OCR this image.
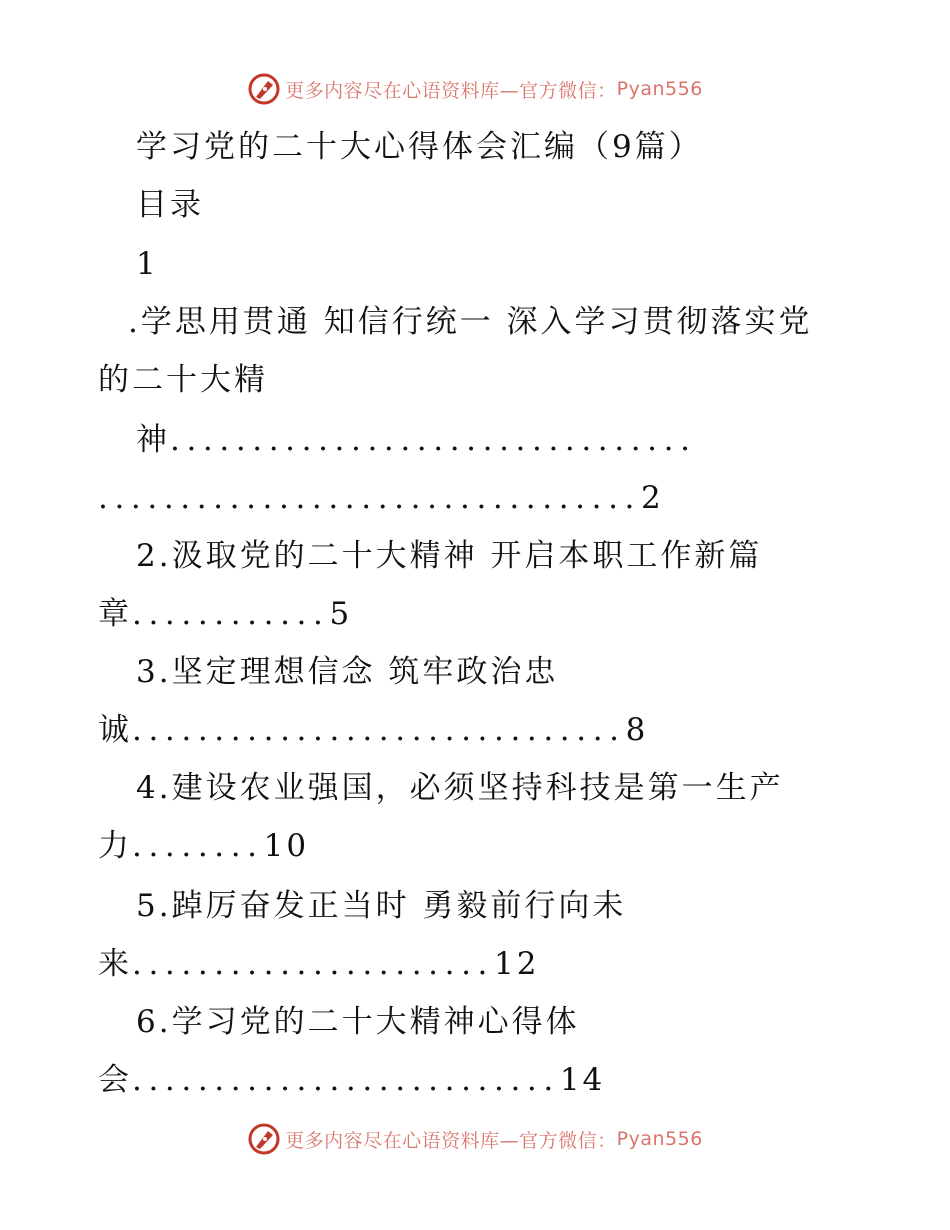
更多内容尽在心语资料库—官方微信： Pyan556
学习党的二十大心得体会汇编（9篇）
目录
1
.学思用贯通 知信行统一 深入学习贯彻落实党
的二十大精
神................................
.................................2
2.汲取党的二十大精神 开启本职工作新篇
章............5
3.坚定理想信念 筑牢政治忠
诚..............................8
4.建设农业强国，必须坚持科技是第一生产
力........10
5.踔厉奋发正当时 勇毅前行向未
来......................12
6.学习党的二十大精神心得体
会..........................14
更多内容尽在心语资料库—官方微信： Pyan556
